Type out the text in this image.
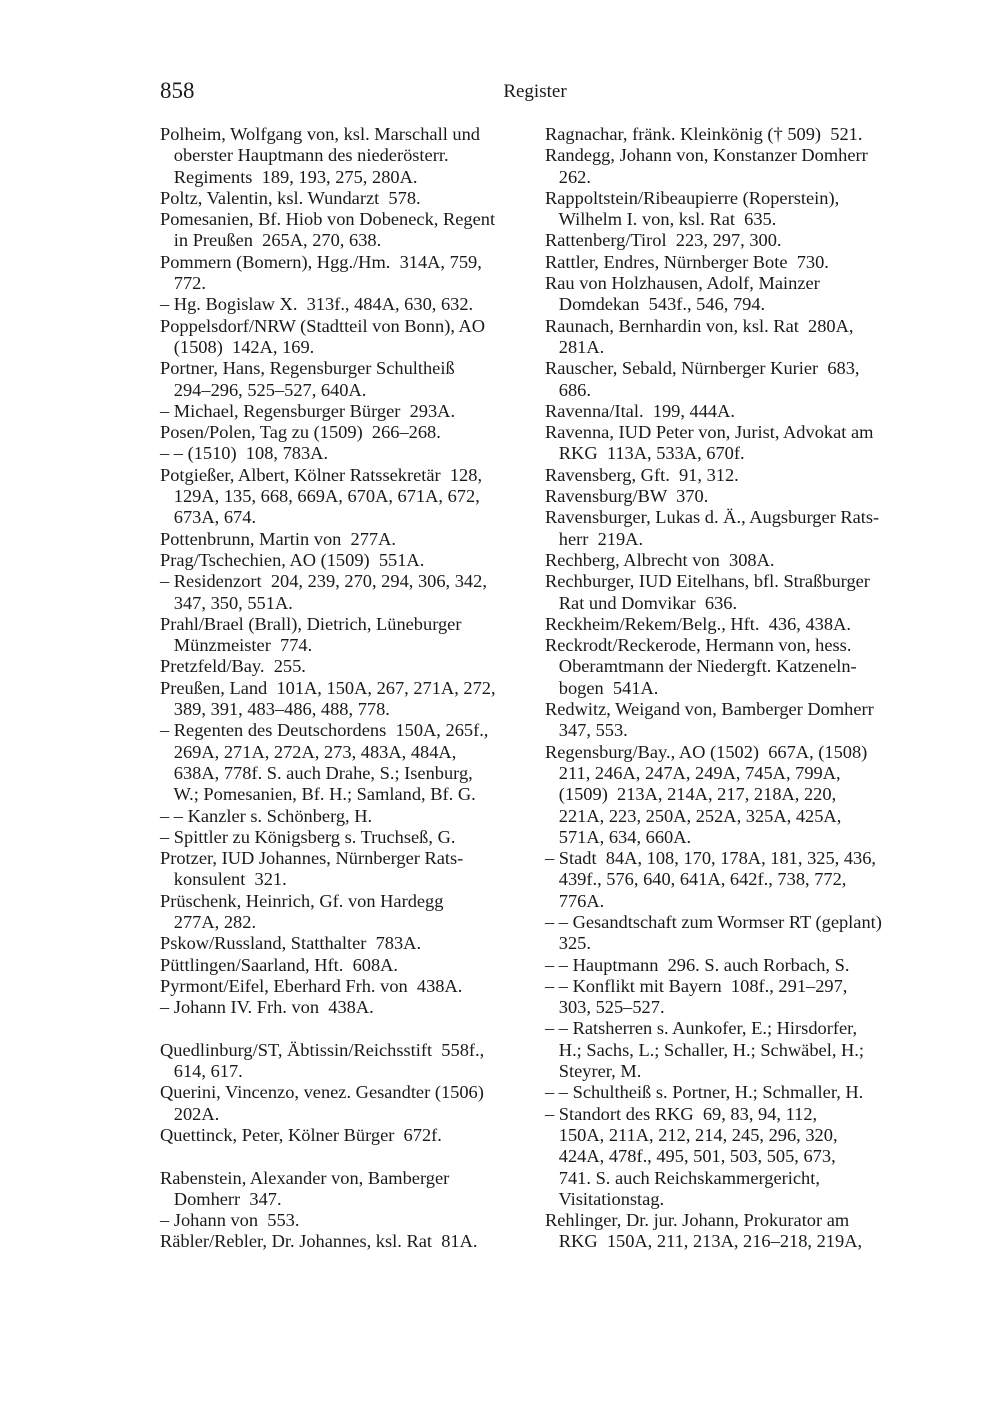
858	Register
Polheim, Wolfgang von, ksl. Marschall und
oberster Hauptmann des niederösterr.
Regiments  189, 193, 275, 280A.
Poltz, Valentin, ksl. Wundarzt  578.
Pomesanien, Bf. Hiob von Dobeneck, Regent
in Preußen  265A, 270, 638.
Pommern (Bomern), Hgg./Hm.  314A, 759,
772.
– Hg. Bogislaw X.  313f., 484A, 630, 632.
Poppelsdorf/NRW (Stadtteil von Bonn), AO
(1508)  142A, 169.
Portner, Hans, Regensburger Schultheiß
294–296, 525–527, 640A.
– Michael, Regensburger Bürger  293A.
Posen/Polen, Tag zu (1509)  266–268.
– – (1510)  108, 783A.
Potgießer, Albert, Kölner Ratssekretär  128,
129A, 135, 668, 669A, 670A, 671A, 672,
673A, 674.
Pottenbrunn, Martin von  277A.
Prag/Tschechien, AO (1509)  551A.
– Residenzort  204, 239, 270, 294, 306, 342,
347, 350, 551A.
Prahl/Brael (Brall), Dietrich, Lüneburger
Münzmeister  774.
Pretzfeld/Bay.  255.
Preußen, Land  101A, 150A, 267, 271A, 272,
389, 391, 483–486, 488, 778.
– Regenten des Deutschordens  150A, 265f.,
269A, 271A, 272A, 273, 483A, 484A,
638A, 778f. S. auch Drahe, S.; Isenburg,
W.; Pomesanien, Bf. H.; Samland, Bf. G.
– – Kanzler s. Schönberg, H.
– Spittler zu Königsberg s. Truchseß, G.
Protzer, IUD Johannes, Nürnberger Rats-
konsulent  321.
Prüschenk, Heinrich, Gf. von Hardegg
277A, 282.
Pskow/Russland, Statthalter  783A.
Püttlingen/Saarland, Hft.  608A.
Pyrmont/Eifel, Eberhard Frh. von  438A.
– Johann IV. Frh. von  438A.
Quedlinburg/ST, Äbtissin/Reichsstift  558f.,
614, 617.
Querini, Vincenzo, venez. Gesandter (1506)
202A.
Quettinck, Peter, Kölner Bürger  672f.
Rabenstein, Alexander von, Bamberger
Domherr  347.
– Johann von  553.
Räbler/Rebler, Dr. Johannes, ksl. Rat  81A.
Ragnachar, fränk. Kleinkönig († 509)  521.
Randegg, Johann von, Konstanzer Domherr
262.
Rappoltstein/Ribeaupierre (Roperstein),
Wilhelm I. von, ksl. Rat  635.
Rattenberg/Tirol  223, 297, 300.
Rattler, Endres, Nürnberger Bote  730.
Rau von Holzhausen, Adolf, Mainzer
Domdekan  543f., 546, 794.
Raunach, Bernhardin von, ksl. Rat  280A,
281A.
Rauscher, Sebald, Nürnberger Kurier  683,
686.
Ravenna/Ital.  199, 444A.
Ravenna, IUD Peter von, Jurist, Advokat am
RKG  113A, 533A, 670f.
Ravensberg, Gft.  91, 312.
Ravensburg/BW  370.
Ravensburger, Lukas d. Ä., Augsburger Rats-
herr  219A.
Rechberg, Albrecht von  308A.
Rechburger, IUD Eitelhans, bfl. Straßburger
Rat und Domvikar  636.
Reckheim/Rekem/Belg., Hft.  436, 438A.
Reckrodt/Reckerode, Hermann von, hess.
Oberamtmann der Niedergft. Katzeneln-
bogen  541A.
Redwitz, Weigand von, Bamberger Domherr
347, 553.
Regensburg/Bay., AO (1502)  667A, (1508)
211, 246A, 247A, 249A, 745A, 799A,
(1509)  213A, 214A, 217, 218A, 220,
221A, 223, 250A, 252A, 325A, 425A,
571A, 634, 660A.
– Stadt  84A, 108, 170, 178A, 181, 325, 436,
439f., 576, 640, 641A, 642f., 738, 772,
776A.
– – Gesandtschaft zum Wormser RT (geplant)
325.
– – Hauptmann  296. S. auch Rorbach, S.
– – Konflikt mit Bayern  108f., 291–297,
303, 525–527.
– – Ratsherren s. Aunkofer, E.; Hirsdorfer,
H.; Sachs, L.; Schaller, H.; Schwäbel, H.;
Steyrer, M.
– – Schultheiß s. Portner, H.; Schmaller, H.
– Standort des RKG  69, 83, 94, 112,
150A, 211A, 212, 214, 245, 296, 320,
424A, 478f., 495, 501, 503, 505, 673,
741. S. auch Reichskammergericht,
Visitationstag.
Rehlinger, Dr. jur. Johann, Prokurator am
RKG  150A, 211, 213A, 216–218, 219A,
